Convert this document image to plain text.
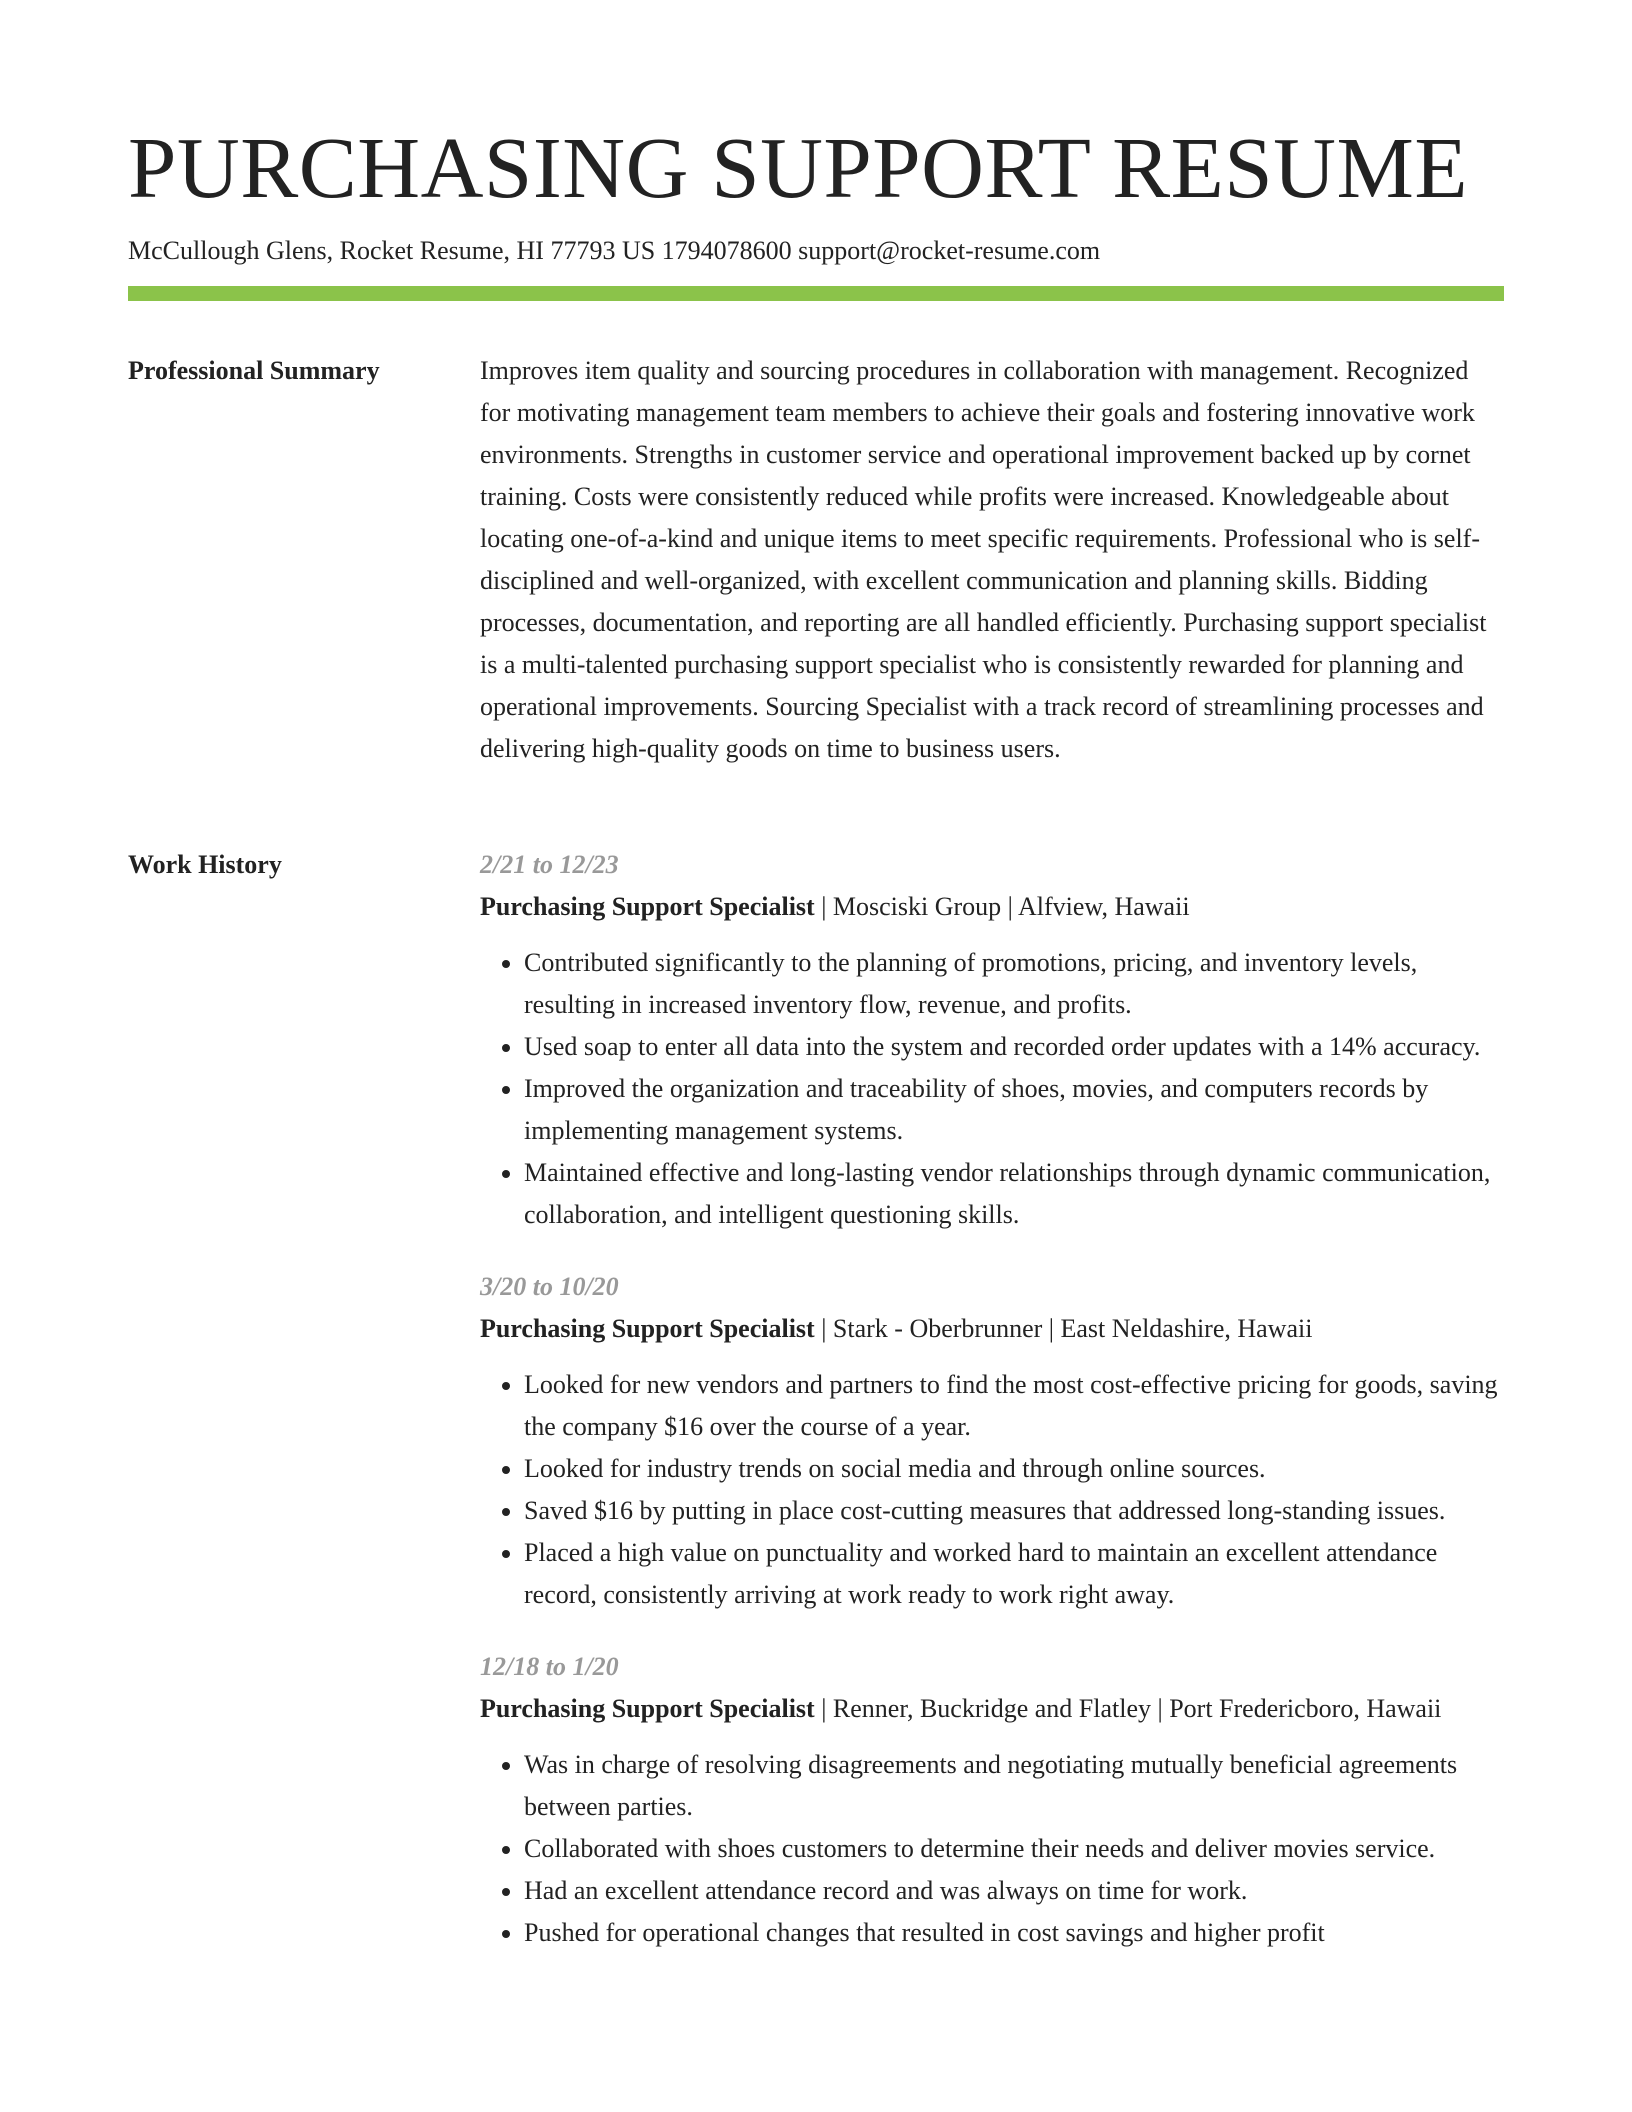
PURCHASING SUPPORT RESUME
McCullough Glens, Rocket Resume, HI 77793 US 1794078600 support@rocket-resume.com
Professional Summary	Improves item quality and sourcing procedures in collaboration with management. Recognized for motivating management team members to achieve their goals and fostering innovative work environments. Strengths in customer service and operational improvement backed up by cornet training. Costs were consistently reduced while profits were increased. Knowledgeable about locating one-of-a-kind and unique items to meet specific requirements. Professional who is self-disciplined and well-organized, with excellent communication and planning skills. Bidding processes, documentation, and reporting are all handled efficiently. Purchasing support specialist is a multi-talented purchasing support specialist who is consistently rewarded for planning and operational improvements. Sourcing Specialist with a track record of streamlining processes and delivering high-quality goods on time to business users.

Work History	2/21 to 12/23

Purchasing Support Specialist | Mosciski Group | Alfview, Hawaii

• Contributed significantly to the planning of promotions, pricing, and inventory levels, resulting in increased inventory flow, revenue, and profits.
• Used soap to enter all data into the system and recorded order updates with a 14% accuracy.
• Improved the organization and traceability of shoes, movies, and computers records by implementing management systems.
• Maintained effective and long-lasting vendor relationships through dynamic communication, collaboration, and intelligent questioning skills.

3/20 to 10/20

Purchasing Support Specialist | Stark - Oberbrunner | East Neldashire, Hawaii

• Looked for new vendors and partners to find the most cost-effective pricing for goods, saving the company $16 over the course of a year.
• Looked for industry trends on social media and through online sources.
• Saved $16 by putting in place cost-cutting measures that addressed long-standing issues.
• Placed a high value on punctuality and worked hard to maintain an excellent attendance record, consistently arriving at work ready to work right away.

12/18 to 1/20

Purchasing Support Specialist | Renner, Buckridge and Flatley | Port Fredericboro, Hawaii

• Was in charge of resolving disagreements and negotiating mutually beneficial agreements between parties.
• Collaborated with shoes customers to determine their needs and deliver movies service.
• Had an excellent attendance record and was always on time for work.
• Pushed for operational changes that resulted in cost savings and higher profit
